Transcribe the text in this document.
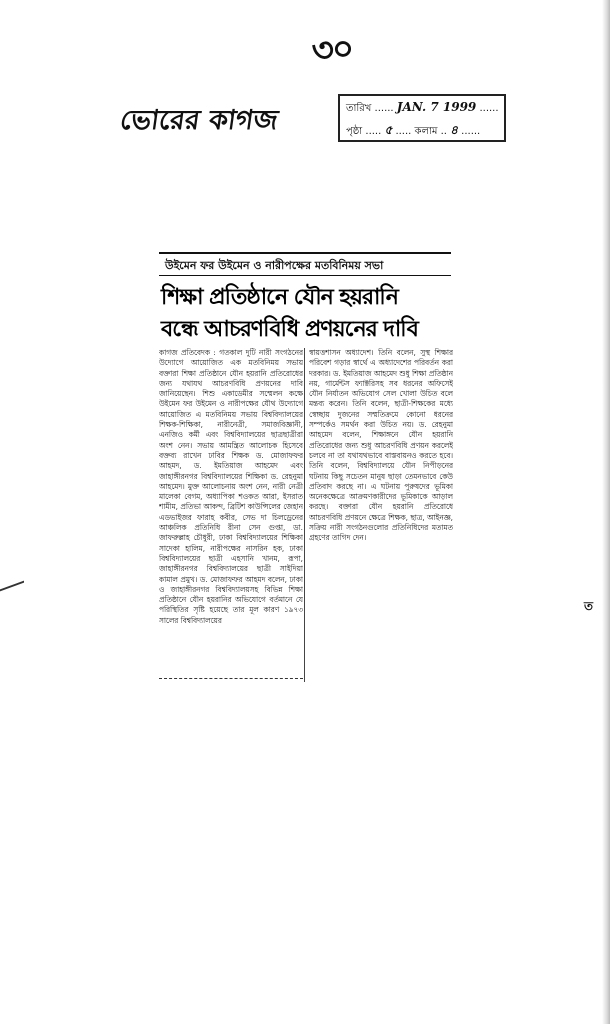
৩০
ভোরের কাগজ	তারিখ ...... JAN. 7 1999 ......
পৃষ্ঠা ..... ৫ ..... কলাম .. ৪ ......
উইমেন ফর উইমেন ও নারীপক্ষের মতবিনিময় সভা
শিক্ষা প্রতিষ্ঠানে যৌন হয়রানি
বন্ধে আচরণবিধি প্রণয়নের দাবি
কাগজ প্রতিবেদক : গতকাল দুটি নারী সংগঠনের উদ্যোগে আয়োজিত এক মতবিনিময় সভায় বক্তারা শিক্ষা প্রতিষ্ঠানে যৌন হয়রানি প্রতিরোধের জন্য যথাযথ আচরণবিধি প্রণয়নের দাবি জানিয়েছেন। শিশু একাডেমীর সম্মেলন কক্ষে উইমেন ফর উইমেন ও নারীপক্ষের যৌথ উদ্যোগে আয়োজিত এ মতবিনিময় সভায় বিশ্ববিদ্যালয়ের শিক্ষক-শিক্ষিকা, নারীনেত্রী, সমাজবিজ্ঞানী, এনজিও কর্মী এবং বিশ্ববিদ্যালয়ের ছাত্রছাত্রীরা অংশ নেন। সভায় আমন্ত্রিত আলোচক হিসেবে বক্তব্য রাখেন ঢাবির শিক্ষক ড. মোজাফফর আহমদ, ড. ইমতিয়াজ আহমেদ এবং জাহাঙ্গীরনগর বিশ্ববিদ্যালয়ের শিক্ষিকা ড. রেহনুমা আহমেদ। মুক্ত আলোচনায় অংশ নেন, নারী নেত্রী মালেকা বেগম, অধ্যাপিকা শওকত আরা, ইসরাত শামীম, প্রতিভা আকন্দ, ব্রিটিশ কাউন্সিলের জেহান এডভাইজর ফারাহ কবীর, সেভ দা চিলড্রেনের আঞ্চলিক প্রতিনিধি রীনা সেন গুপ্তা, ডা. জাফরুল্লাহ চৌধুরী, ঢাকা বিশ্ববিদ্যালয়ের শিক্ষিকা সাদেকা হালিম, নারীপক্ষের নাসরিন হক, ঢাকা বিশ্ববিদ্যালয়ের ছাত্রী এহসানি খানম, রূপা, জাহাঙ্গীরনগর বিশ্ববিদ্যালয়ের ছাত্রী সাইদিয়া কামাল প্রমুখ। ড. মোজাফফর আহমদ বলেন, ঢাকা ও জাহাঙ্গীরনগর বিশ্ববিদ্যালয়সহ বিভিন্ন শিক্ষা প্রতিষ্ঠানে যৌন হয়রানির অভিযোগে বর্তমানে যে পরিস্থিতির সৃষ্টি হয়েছে তার মূল কারণ ১৯৭৩ সালের বিশ্ববিদ্যালয়ের
স্বায়ত্তশাসন অধ্যাদেশ। তিনি বলেন, সুস্থ শিক্ষার পরিবেশ গড়ার স্বার্থে এ অধ্যাদেশের পরিবর্তন করা দরকার। ড. ইমতিয়াজ আহমেদ শুধু শিক্ষা প্রতিষ্ঠান নয়, গার্মেন্টস ফ্যাক্টরিসহ সব ধরনের অফিসেই যৌন নির্যাতন অভিযোগ সেল খোলা উচিত বলে মন্তব্য করেন। তিনি বলেন, ছাত্রী-শিক্ষকের মধ্যে স্বেচ্ছায় দুজনের সম্মতিক্রমে কোনো ধরনের সম্পর্কেও সমর্থন করা উচিত নয়। ড. রেহনুমা আহমেদ বলেন, শিক্ষাঙ্গনে যৌন হয়রানি প্রতিরোধের জন্য শুধু আচরণবিধি প্রণয়ন করলেই চলবে না তা যথাযথভাবে বাস্তবায়নও করতে হবে। তিনি বলেন, বিশ্ববিদ্যালয়ে যৌন নিপীড়নের ঘটনায় কিছু সচেতন মানুষ ছাড়া তেমনভাবে কেউ প্রতিবাদ করছে না। এ ঘটনায় পুরুষদের ভূমিকা অনেকক্ষেত্রে আক্রমণকারীদের ভূমিকাকে আড়াল করছে। বক্তারা যৌন হয়রানি প্রতিরোধে আচরণবিধি প্রণয়নে ক্ষেত্রে শিক্ষক, ছাত্র, আইনজ্ঞ, সক্রিয় নারী সংগঠনগুলোর প্রতিনিধিদের মতামত গ্রহণের তাগিদ দেন।
ত
